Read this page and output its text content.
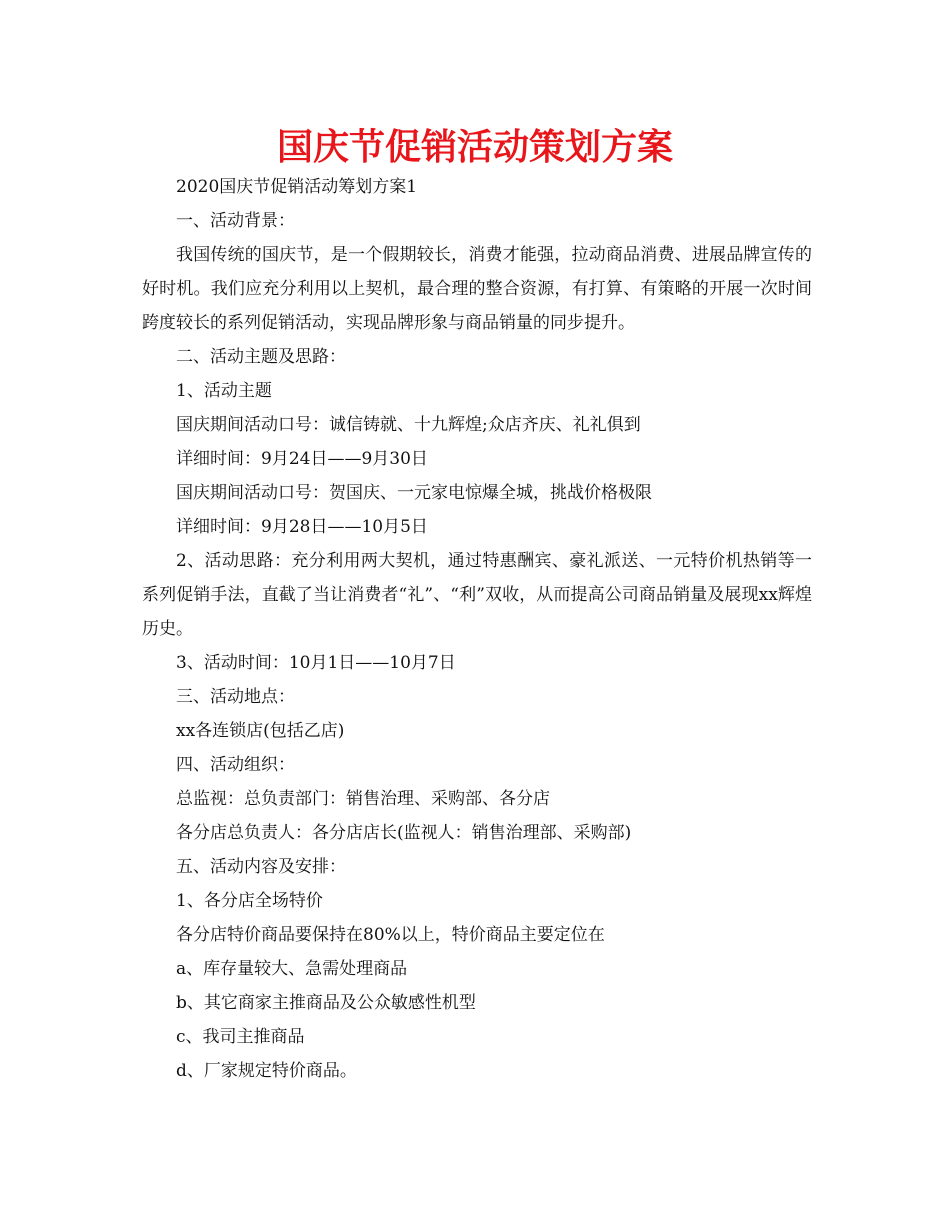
国庆节促销活动策划方案

2020国庆节促销活动筹划方案1

一、活动背景：

我国传统的国庆节，是一个假期较长，消费才能强，拉动商品消费、进展品牌宣传的好时机。我们应充分利用以上契机，最合理的整合资源，有打算、有策略的开展一次时间跨度较长的系列促销活动，实现品牌形象与商品销量的同步提升。

二、活动主题及思路：

1、活动主题

国庆期间活动口号：诚信铸就、十九辉煌;众店齐庆、礼礼俱到

详细时间：9月24日——9月30日

国庆期间活动口号：贺国庆、一元家电惊爆全城，挑战价格极限

详细时间：9月28日——10月5日

2、活动思路：充分利用两大契机，通过特惠酬宾、豪礼派送、一元特价机热销等一系列促销手法，直截了当让消费者“礼”、“利”双收，从而提高公司商品销量及展现xx辉煌历史。

3、活动时间：10月1日——10月7日

三、活动地点：

xx各连锁店(包括乙店)

四、活动组织：

总监视：总负责部门：销售治理、采购部、各分店

各分店总负责人：各分店店长(监视人：销售治理部、采购部)

五、活动内容及安排：

1、各分店全场特价

各分店特价商品要保持在80%以上，特价商品主要定位在

a、库存量较大、急需处理商品

b、其它商家主推商品及公众敏感性机型

c、我司主推商品

d、厂家规定特价商品。
